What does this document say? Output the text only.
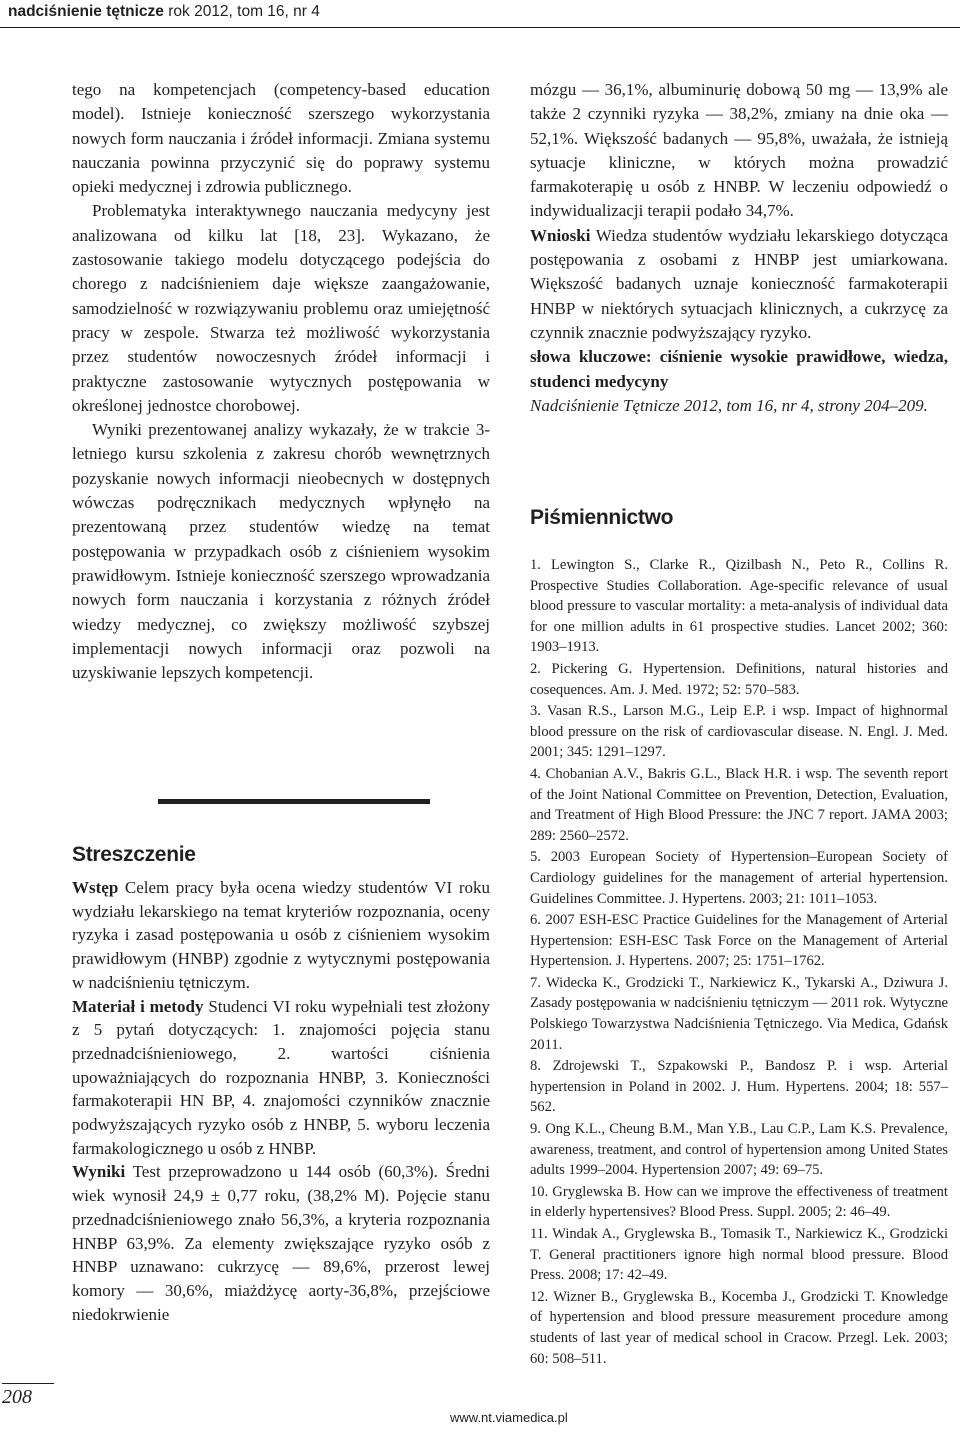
nadciśnienie tętnicze rok 2012, tom 16, nr 4

tego na kompetencjach (competency-based education model). Istnieje konieczność szerszego wykorzystania nowych form nauczania i źródeł informacji. Zmiana systemu nauczania powinna przyczynić się do poprawy systemu opieki medycznej i zdrowia publicznego.

Problematyka interaktywnego nauczania medycyny jest analizowana od kilku lat [18, 23]. Wykazano, że zastosowanie takiego modelu dotyczącego podejścia do chorego z nadciśnieniem daje większe zaangażowanie, samodzielność w rozwiązywaniu problemu oraz umiejętność pracy w zespole. Stwarza też możliwość wykorzystania przez studentów nowoczesnych źródeł informacji i praktyczne zastosowanie wytycznych postępowania w określonej jednostce chorobowej.

Wyniki prezentowanej analizy wykazały, że w trakcie 3-letniego kursu szkolenia z zakresu chorób wewnętrznych pozyskanie nowych informacji nieobecnych w dostępnych wówczas podręcznikach medycznych wpłynęło na prezentowaną przez studentów wiedzę na temat postępowania w przypadkach osób z ciśnieniem wysokim prawidłowym. Istnieje konieczność szerszego wprowadzania nowych form nauczania i korzystania z różnych źródeł wiedzy medycznej, co zwiększy możliwość szybszej implementacji nowych informacji oraz pozwoli na uzyskiwanie lepszych kompetencji.

Streszczenie

Wstęp Celem pracy była ocena wiedzy studentów VI roku wydziału lekarskiego na temat kryteriów rozpoznania, oceny ryzyka i zasad postępowania u osób z ciśnieniem wysokim prawidłowym (HNBP) zgodnie z wytycznymi postępowania w nadciśnieniu tętniczym.

Materiał i metody Studenci VI roku wypełniali test złożony z 5 pytań dotyczących: 1. znajomości pojęcia stanu przednadciśnieniowego, 2. wartości ciśnienia upoważniających do rozpoznania HNBP, 3. Konieczności farmakoterapii HN BP, 4. znajomości czynników znacznie podwyższających ryzyko osób z HNBP, 5. wyboru leczenia farmakologicznego u osób z HNBP.

Wyniki Test przeprowadzono u 144 osób (60,3%). Średni wiek wynosił 24,9 ± 0,77 roku, (38,2% M). Pojęcie stanu przednadciśnieniowego znało 56,3%, a kryteria rozpoznania HNBP 63,9%. Za elementy zwiększające ryzyko osób z HNBP uznawano: cukrzycę — 89,6%, przerost lewej komory — 30,6%, miażdżycę aorty-36,8%, przejściowe niedokrwienie

mózgu — 36,1%, albuminurię dobową 50 mg — 13,9% ale także 2 czynniki ryzyka — 38,2%, zmiany na dnie oka — 52,1%. Większość badanych — 95,8%, uważała, że istnieją sytuacje kliniczne, w których można prowadzić farmakoterapię u osób z HNBP. W leczeniu odpowiedź o indywidualizacji terapii podało 34,7%.

Wnioski Wiedza studentów wydziału lekarskiego dotycząca postępowania z osobami z HNBP jest umiarkowana. Większość badanych uznaje konieczność farmakoterapii HNBP w niektórych sytuacjach klinicznych, a cukrzycę za czynnik znacznie podwyższający ryzyko.

słowa kluczowe: ciśnienie wysokie prawidłowe, wiedza, studenci medycyny

Nadciśnienie Tętnicze 2012, tom 16, nr 4, strony 204–209.

Piśmiennictwo

1. Lewington S., Clarke R., Qizilbash N., Peto R., Collins R. Prospective Studies Collaboration. Age-specific relevance of usual blood pressure to vascular mortality: a meta-analysis of individual data for one million adults in 61 prospective studies. Lancet 2002; 360: 1903–1913.

2. Pickering G. Hypertension. Definitions, natural histories and cosequences. Am. J. Med. 1972; 52: 570–583.

3. Vasan R.S., Larson M.G., Leip E.P. i wsp. Impact of highnormal blood pressure on the risk of cardiovascular disease. N. Engl. J. Med. 2001; 345: 1291–1297.

4. Chobanian A.V., Bakris G.L., Black H.R. i wsp. The seventh report of the Joint National Committee on Prevention, Detection, Evaluation, and Treatment of High Blood Pressure: the JNC 7 report. JAMA 2003; 289: 2560–2572.

5. 2003 European Society of Hypertension–European Society of Cardiology guidelines for the management of arterial hypertension. Guidelines Committee. J. Hypertens. 2003; 21: 1011–1053.

6. 2007 ESH-ESC Practice Guidelines for the Management of Arterial Hypertension: ESH-ESC Task Force on the Management of Arterial Hypertension. J. Hypertens. 2007; 25: 1751–1762.

7. Widecka K., Grodzicki T., Narkiewicz K., Tykarski A., Dziwura J. Zasady postępowania w nadciśnieniu tętniczym — 2011 rok. Wytyczne Polskiego Towarzystwa Nadciśnienia Tętniczego. Via Medica, Gdańsk 2011.

8. Zdrojewski T., Szpakowski P., Bandosz P. i wsp. Arterial hypertension in Poland in 2002. J. Hum. Hypertens. 2004; 18: 557–562.

9. Ong K.L., Cheung B.M., Man Y.B., Lau C.P., Lam K.S. Prevalence, awareness, treatment, and control of hypertension among United States adults 1999–2004. Hypertension 2007; 49: 69–75.

10. Gryglewska B. How can we improve the effectiveness of treatment in elderly hypertensives? Blood Press. Suppl. 2005; 2: 46–49.

11. Windak A., Gryglewska B., Tomasik T., Narkiewicz K., Grodzicki T. General practitioners ignore high normal blood pressure. Blood Press. 2008; 17: 42–49.

12. Wizner B., Gryglewska B., Kocemba J., Grodzicki T. Knowledge of hypertension and blood pressure measurement procedure among students of last year of medical school in Cracow. Przegl. Lek. 2003; 60: 508–511.

208
www.nt.viamedica.pl
